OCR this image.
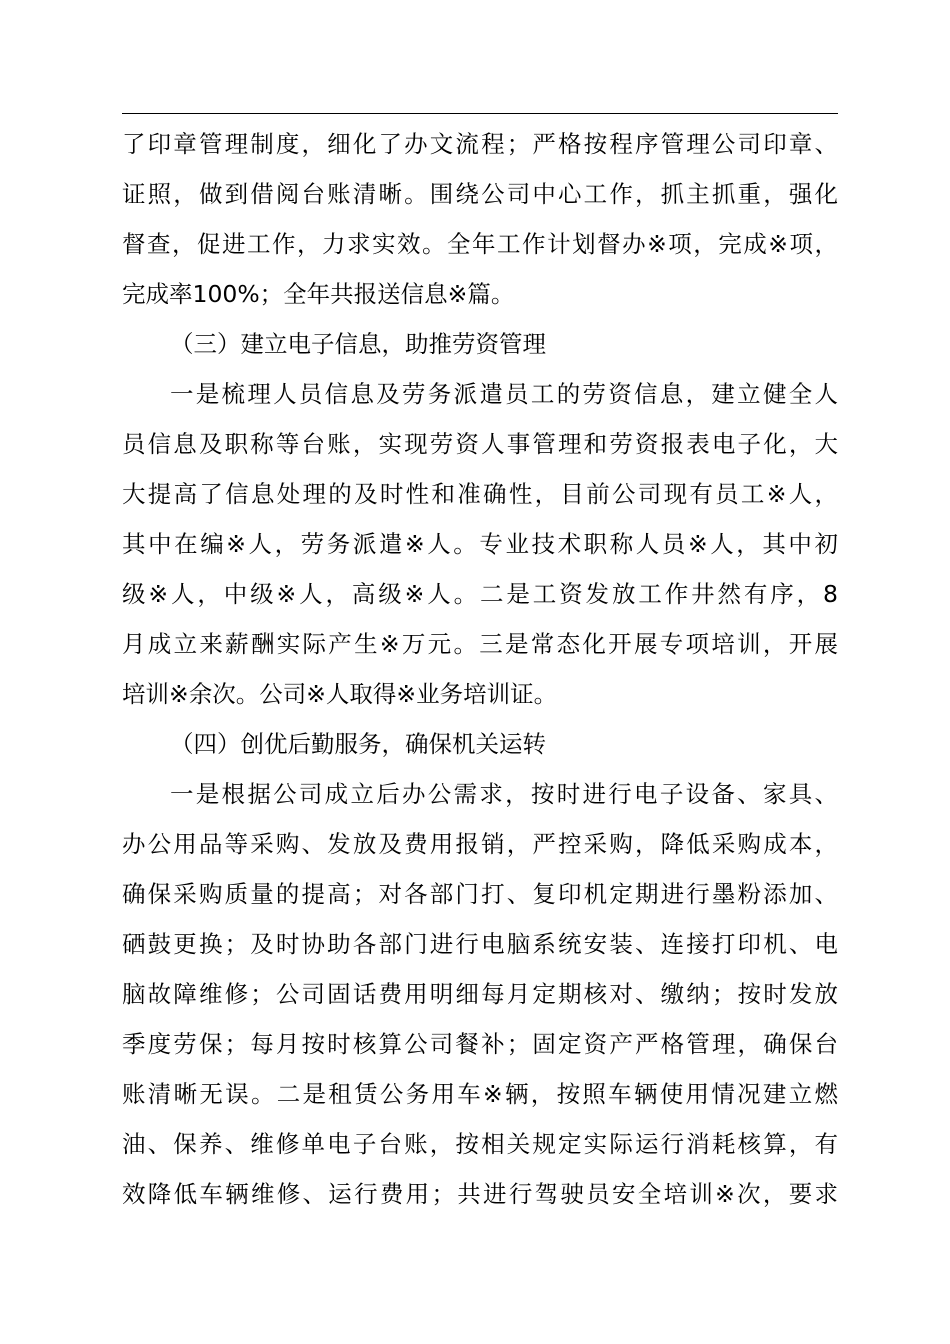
了印章管理制度，细化了办文流程；严格按程序管理公司印章、

证照，做到借阅台账清晰。围绕公司中心工作，抓主抓重，强化

督查，促进工作，力求实效。全年工作计划督办※项，完成※项，

完成率100%；全年共报送信息※篇。

（三）建立电子信息，助推劳资管理

一是梳理人员信息及劳务派遣员工的劳资信息，建立健全人

员信息及职称等台账，实现劳资人事管理和劳资报表电子化，大

大提高了信息处理的及时性和准确性，目前公司现有员工※人，

其中在编※人，劳务派遣※人。专业技术职称人员※人，其中初

级※人，中级※人，高级※人。二是工资发放工作井然有序，8

月成立来薪酬实际产生※万元。三是常态化开展专项培训，开展

培训※余次。公司※人取得※业务培训证。

（四）创优后勤服务，确保机关运转

一是根据公司成立后办公需求，按时进行电子设备、家具、

办公用品等采购、发放及费用报销，严控采购，降低采购成本，

确保采购质量的提高；对各部门打、复印机定期进行墨粉添加、

硒鼓更换；及时协助各部门进行电脑系统安装、连接打印机、电

脑故障维修；公司固话费用明细每月定期核对、缴纳；按时发放

季度劳保；每月按时核算公司餐补；固定资产严格管理，确保台

账清晰无误。二是租赁公务用车※辆，按照车辆使用情况建立燃

油、保养、维修单电子台账，按相关规定实际运行消耗核算，有

效降低车辆维修、运行费用；共进行驾驶员安全培训※次，要求
